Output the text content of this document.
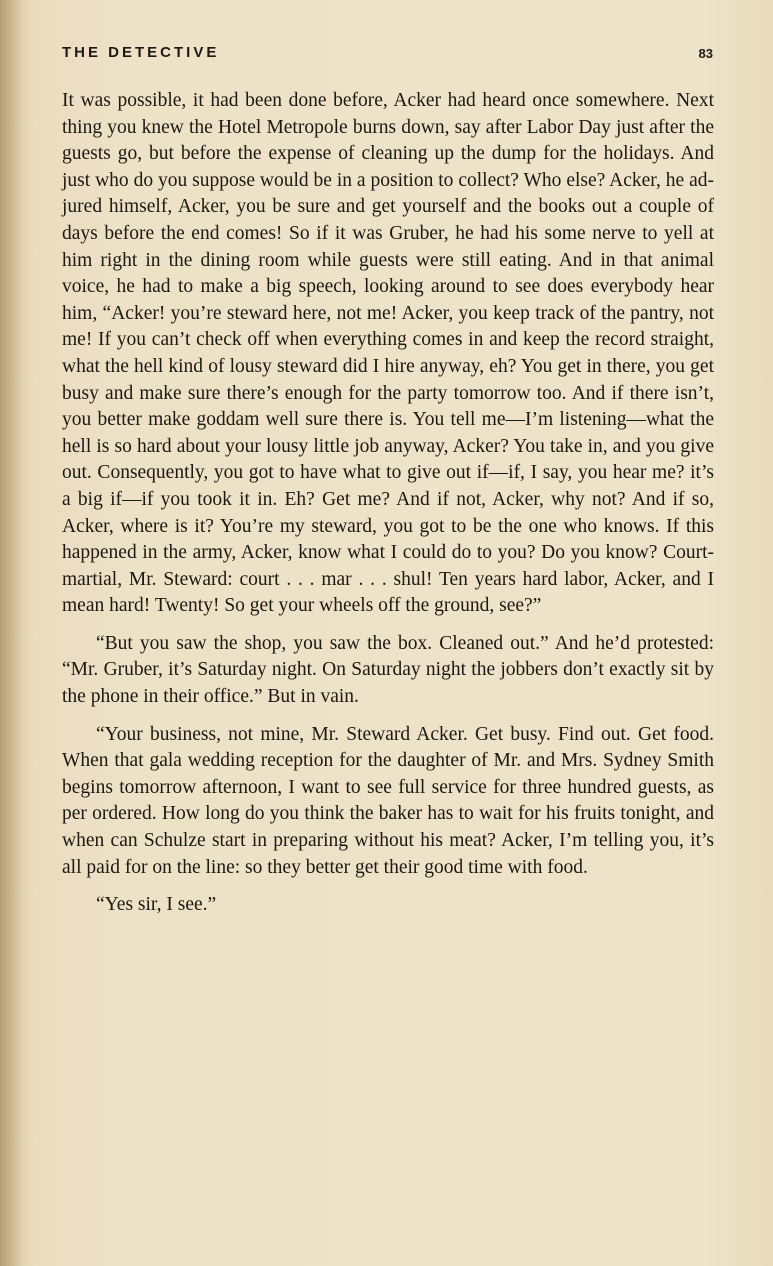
THE DETECTIVE	83

It was possible, it had been done before, Acker had heard once somewhere. Next thing you knew the Hotel Metropole burns down, say after Labor Day just after the guests go, but before the expense of cleaning up the dump for the holidays. And just who do you suppose would be in a position to collect? Who else? Acker, he adjured himself, Acker, you be sure and get yourself and the books out a couple of days before the end comes! So if it was Gruber, he had his some nerve to yell at him right in the dining room while guests were still eating. And in that animal voice, he had to make a big speech, looking around to see does everybody hear him, “Acker! you’re steward here, not me! Acker, you keep track of the pantry, not me! If you can’t check off when everything comes in and keep the record straight, what the hell kind of lousy steward did I hire anyway, eh? You get in there, you get busy and make sure there’s enough for the party tomorrow too. And if there isn’t, you better make goddam well sure there is. You tell me—I’m listening—what the hell is so hard about your lousy little job anyway, Acker? You take in, and you give out. Consequently, you got to have what to give out if—if, I say, you hear me? it’s a big if—if you took it in. Eh? Get me? And if not, Acker, why not? And if so, Acker, where is it? You’re my steward, you got to be the one who knows. If this happened in the army, Acker, know what I could do to you? Do you know? Court-martial, Mr. Steward: court . . . mar . . . shul! Ten years hard labor, Acker, and I mean hard! Twenty! So get your wheels off the ground, see?”

“But you saw the shop, you saw the box. Cleaned out.” And he’d protested: “Mr. Gruber, it’s Saturday night. On Saturday night the jobbers don’t exactly sit by the phone in their office.” But in vain.

“Your business, not mine, Mr. Steward Acker. Get busy. Find out. Get food. When that gala wedding reception for the daughter of Mr. and Mrs. Sydney Smith begins tomorrow afternoon, I want to see full service for three hundred guests, as per ordered. How long do you think the baker has to wait for his fruits tonight, and when can Schulze start in preparing without his meat? Acker, I’m telling you, it’s all paid for on the line: so they better get their good time with food.

“Yes sir, I see.”
